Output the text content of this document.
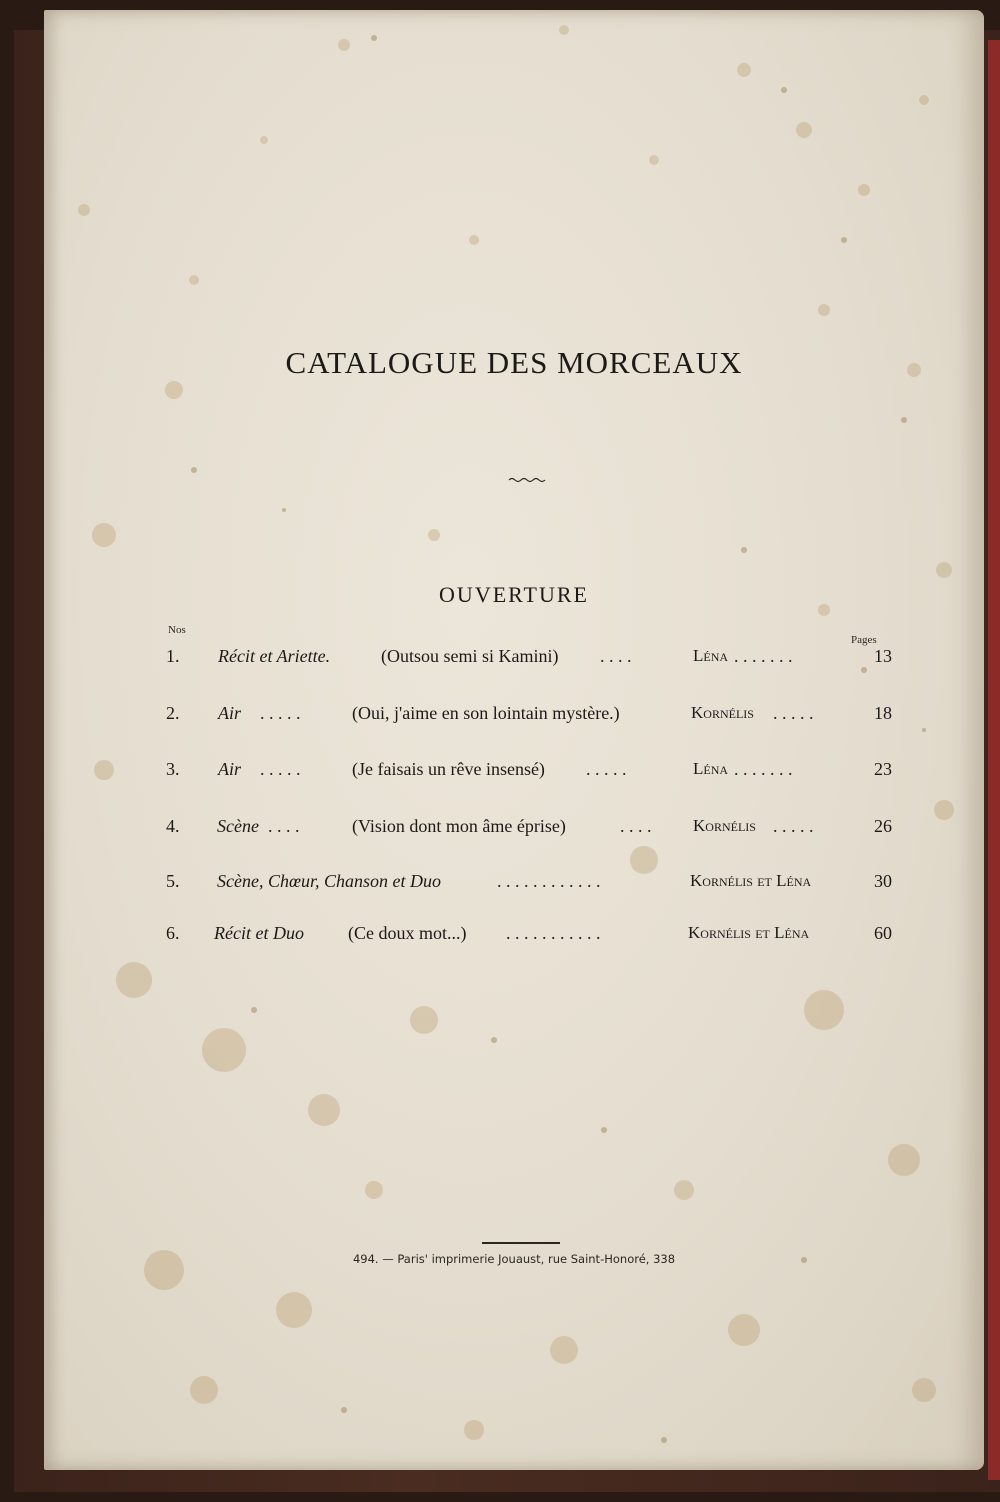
CATALOGUE DES MORCEAUX
OUVERTURE
Nos
Pages
1.	Récit et Ariette.	(Outsou semi si Kamini) . . . .	Léna . . . . . . .	13
2.	Air . . . . .	(Oui, j'aime en son lointain mystère.)	Kornélis . . . . .	18
3.	Air . . . . .	(Je faisais un rêve insensé) . . . . .	Léna . . . . . . .	23
4.	Scène . . . .	(Vision dont mon âme éprise)	. . . . Kornélis . . . . .	26
5.	Scène, Chœur, Chanson et Duo	. . . . . . . . . . . .	Kornélis et Léna	30
6.	Récit et Duo (Ce doux mot...) . . . . . . . . . . .	Kornélis et Léna	60
494. — Paris' imprimerie Jouaust, rue Saint-Honoré, 338
